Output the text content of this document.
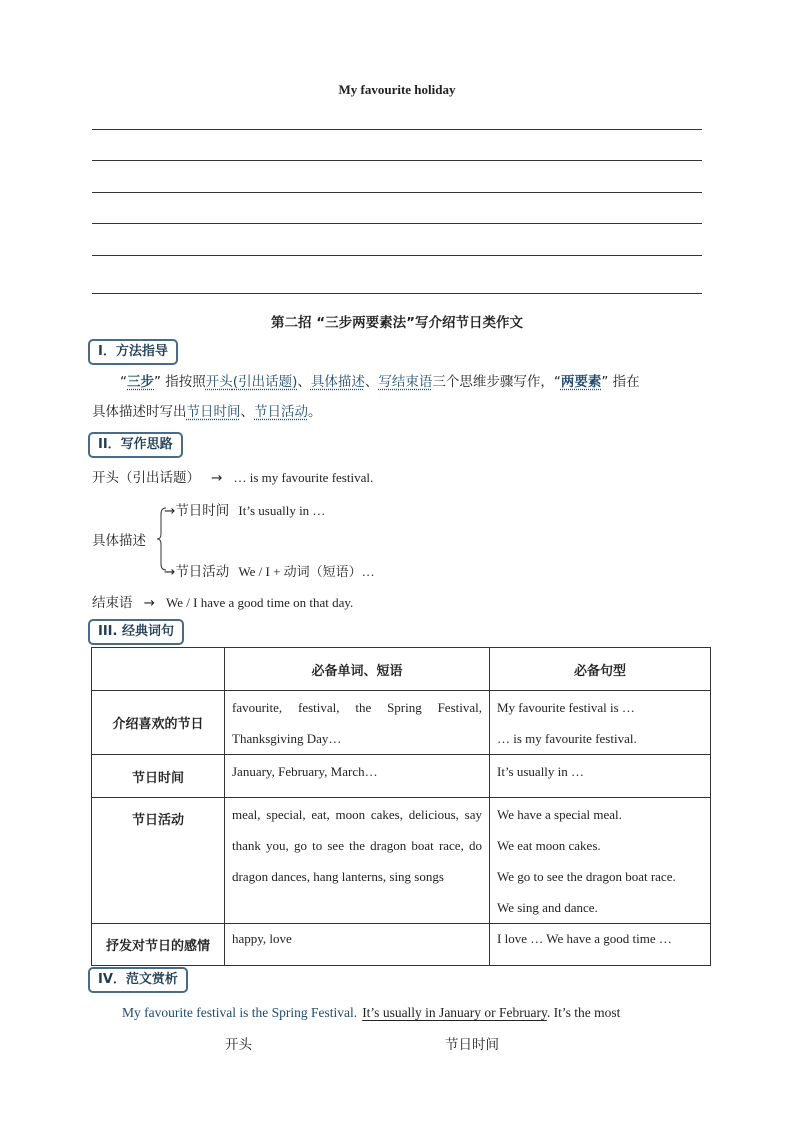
My favourite holiday
第二招 “三步两要素法”写介绍节日类作文
I．方法指导
“三步” 指按照开头(引出话题)、具体描述、写结束语三个思维步骤写作，“两要素” 指在

具体描述时写出节日时间、节日活动。
II．写作思路
开头（引出话题） → … is my favourite festival.
具体描述
→节日时间 It’s usually in …
→节日活动 We / I + 动词（短语）…
结束语 → We / I have a good time on that day.
III. 经典词句
	必备单词、短语	必备句型
介绍喜欢的节日	favourite, festival, the Spring Festival, Thanksgiving Day…	My favourite festival is …
… is my favourite festival.

节日时间	January, February, March…	It’s usually in …

节日活动	meal, special, eat, moon cakes, delicious, say thank you, go to see the dragon boat race, do dragon dances, hang lanterns, sing songs	We have a special meal.
We eat moon cakes.
We go to see the dragon boat race.
We sing and dance.

抒发对节日的感情	happy, love	I love … We have a good time …
IV．范文赏析
My favourite festival is the Spring Festival. It’s usually in January or February. It’s the most
开头	节日时间
